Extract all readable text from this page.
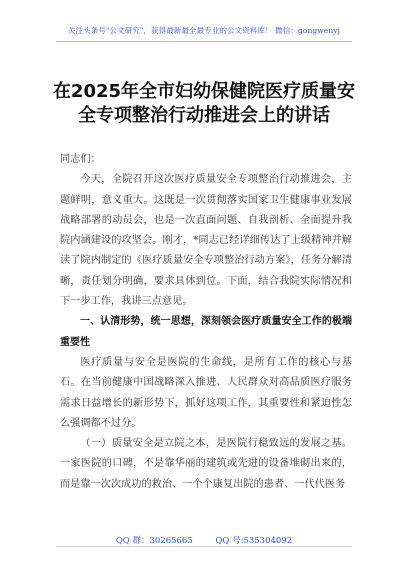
关注头条号"公文研究"，获得最新最全最专业的公文资料库！ 微信：gongwenyj
在2025年全市妇幼保健院医疗质量安
全专项整治行动推进会上的讲话

同志们：

今天，全院召开这次医疗质量安全专项整治行动推进会，主题鲜明，意义重大。这既是一次贯彻落实国家卫生健康事业发展战略部署的动员会，也是一次直面问题、自我剖析、全面提升我院内涵建设的攻坚会。刚才，*同志已经详细传达了上级精神并解读了院内制定的《医疗质量安全专项整治行动方案》，任务分解清晰，责任划分明确，要求具体到位。下面，结合我院实际情况和下一步工作，我讲三点意见。

一、认清形势，统一思想，深刻领会医疗质量安全工作的极端重要性

医疗质量与安全是医院的生命线，是所有工作的核心与基石。在当前健康中国战略深入推进、人民群众对高品质医疗服务需求日益增长的新形势下，抓好这项工作，其重要性和紧迫性怎么强调都不过分。

（一）质量安全是立院之本，是医院行稳致远的发展之基。一家医院的口碑，不是靠华丽的建筑或先进的设备堆砌出来的，而是靠一次次成功的救治、一个个康复出院的患者、一代代医务

QQ 群：30265665	QQ 号:535304092
